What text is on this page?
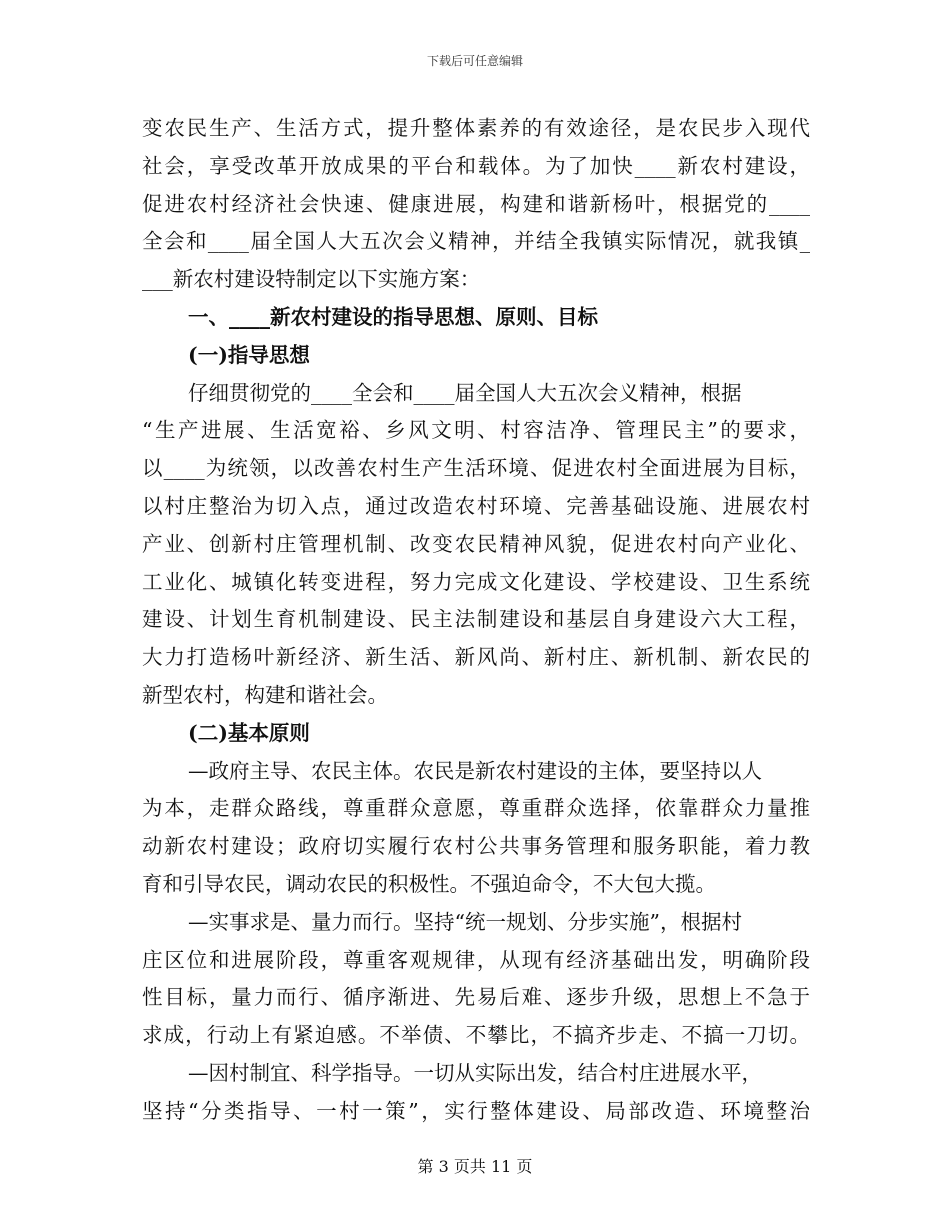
下载后可任意编辑
变农民生产、生活方式，提升整体素养的有效途径，是农民步入现代
社会，享受改革开放成果的平台和载体。为了加快____新农村建设，
促进农村经济社会快速、健康进展，构建和谐新杨叶，根据党的____
全会和____届全国人大五次会义精神，并结全我镇实际情况，就我镇_
___新农村建设特制定以下实施方案：
一、____新农村建设的指导思想、原则、目标
(一)指导思想
仔细贯彻党的____全会和____届全国人大五次会义精神，根据
“生产进展、生活宽裕、乡风文明、村容洁净、管理民主”的要求，
以____为统领，以改善农村生产生活环境、促进农村全面进展为目标，
以村庄整治为切入点，通过改造农村环境、完善基础设施、进展农村
产业、创新村庄管理机制、改变农民精神风貌，促进农村向产业化、
工业化、城镇化转变进程，努力完成文化建设、学校建设、卫生系统
建设、计划生育机制建设、民主法制建设和基层自身建设六大工程，
大力打造杨叶新经济、新生活、新风尚、新村庄、新机制、新农民的
新型农村，构建和谐社会。
(二)基本原则
—政府主导、农民主体。农民是新农村建设的主体，要坚持以人
为本，走群众路线，尊重群众意愿，尊重群众选择，依靠群众力量推
动新农村建设；政府切实履行农村公共事务管理和服务职能，着力教
育和引导农民，调动农民的积极性。不强迫命令，不大包大揽。
—实事求是、量力而行。坚持“统一规划、分步实施”，根据村
庄区位和进展阶段，尊重客观规律，从现有经济基础出发，明确阶段
性目标，量力而行、循序渐进、先易后难、逐步升级，思想上不急于
求成，行动上有紧迫感。不举债、不攀比，不搞齐步走、不搞一刀切。
—因村制宜、科学指导。一切从实际出发，结合村庄进展水平，
坚持“分类指导、一村一策”，实行整体建设、局部改造、环境整治
第 3 页共 11 页
